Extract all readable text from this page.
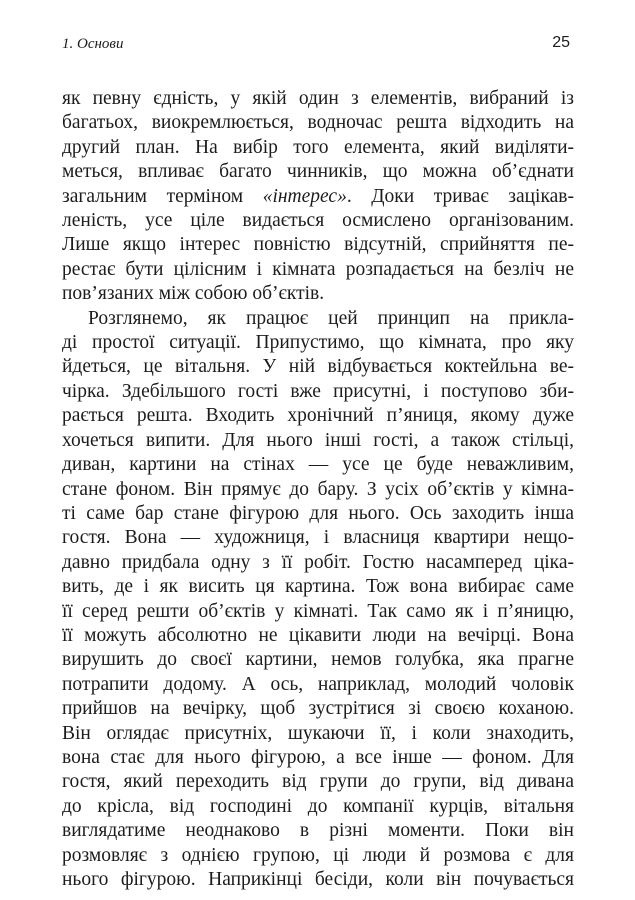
1. Основи	25
як певну єдність, у якій один з елементів, вибраний із
багатьох, виокремлюється, водночас решта відходить на
другий план. На вибір того елемента, який виділяти-
меться, впливає багато чинників, що можна об’єднати
загальним терміном «інтерес». Доки триває зацікав-
леність, усе ціле видається осмислено організованим.
Лише якщо інтерес повністю відсутній, сприйняття пе-
рестає бути цілісним і кімната розпадається на безліч не
пов’язаних між собою об’єктів.
Розглянемо, як працює цей принцип на прикла-
ді простої ситуації. Припустимо, що кімната, про яку
йдеться, це вітальня. У ній відбувається коктейльна ве-
чірка. Здебільшого гості вже присутні, і поступово зби-
рається решта. Входить хронічний п’яниця, якому дуже
хочеться випити. Для нього інші гості, а також стільці,
диван, картини на стінах — усе це буде неважливим,
стане фоном. Він прямує до бару. З усіх об’єктів у кімна-
ті саме бар стане фігурою для нього. Ось заходить інша
гостя. Вона — художниця, і власниця квартири нещо-
давно придбала одну з її робіт. Гостю насамперед ціка-
вить, де і як висить ця картина. Тож вона вибирає саме
її серед решти об’єктів у кімнаті. Так само як і п’яницю,
її можуть абсолютно не цікавити люди на вечірці. Вона
вирушить до своєї картини, немов голубка, яка прагне
потрапити додому. А ось, наприклад, молодий чоловік
прийшов на вечірку, щоб зустрітися зі своєю коханою.
Він оглядає присутніх, шукаючи її, і коли знаходить,
вона стає для нього фігурою, а все інше — фоном. Для
гостя, який переходить від групи до групи, від дивана
до крісла, від господині до компанії курців, вітальня
виглядатиме неоднаково в різні моменти. Поки він
розмовляє з однією групою, ці люди й розмова є для
нього фігурою. Наприкінці бесіди, коли він почувається
